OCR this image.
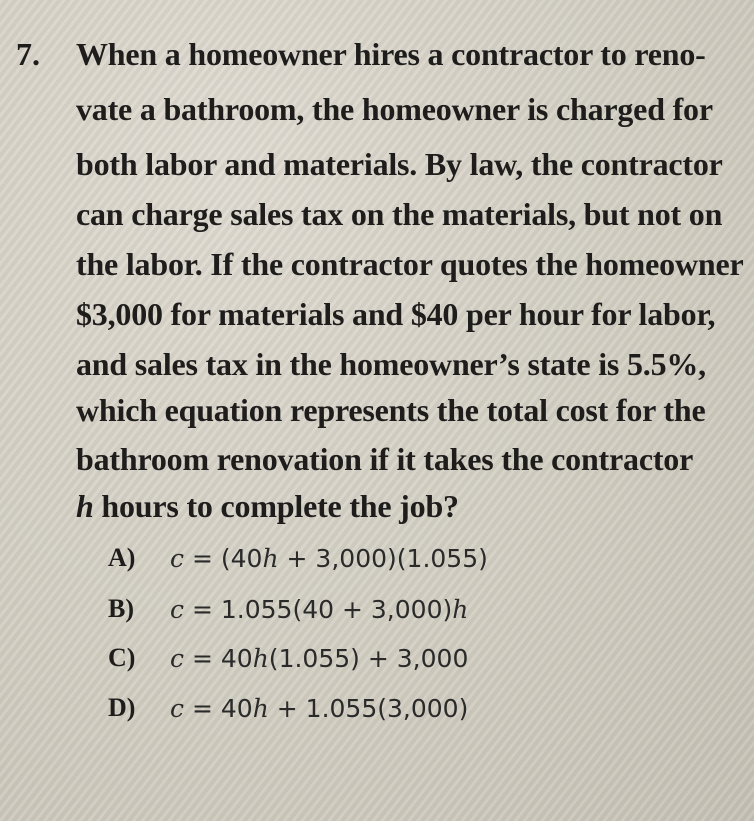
7. When a homeowner hires a contractor to reno-
vate a bathroom, the homeowner is charged for
both labor and materials. By law, the contractor
can charge sales tax on the materials, but not on
the labor. If the contractor quotes the homeowner
$3,000 for materials and $40 per hour for labor,
and sales tax in the homeowner’s state is 5.5%,
which equation represents the total cost for the
bathroom renovation if it takes the contractor
h hours to complete the job?
A) c = (40h + 3,000)(1.055)
B) c = 1.055(40 + 3,000)h
C) c = 40h(1.055) + 3,000
D) c = 40h + 1.055(3,000)
